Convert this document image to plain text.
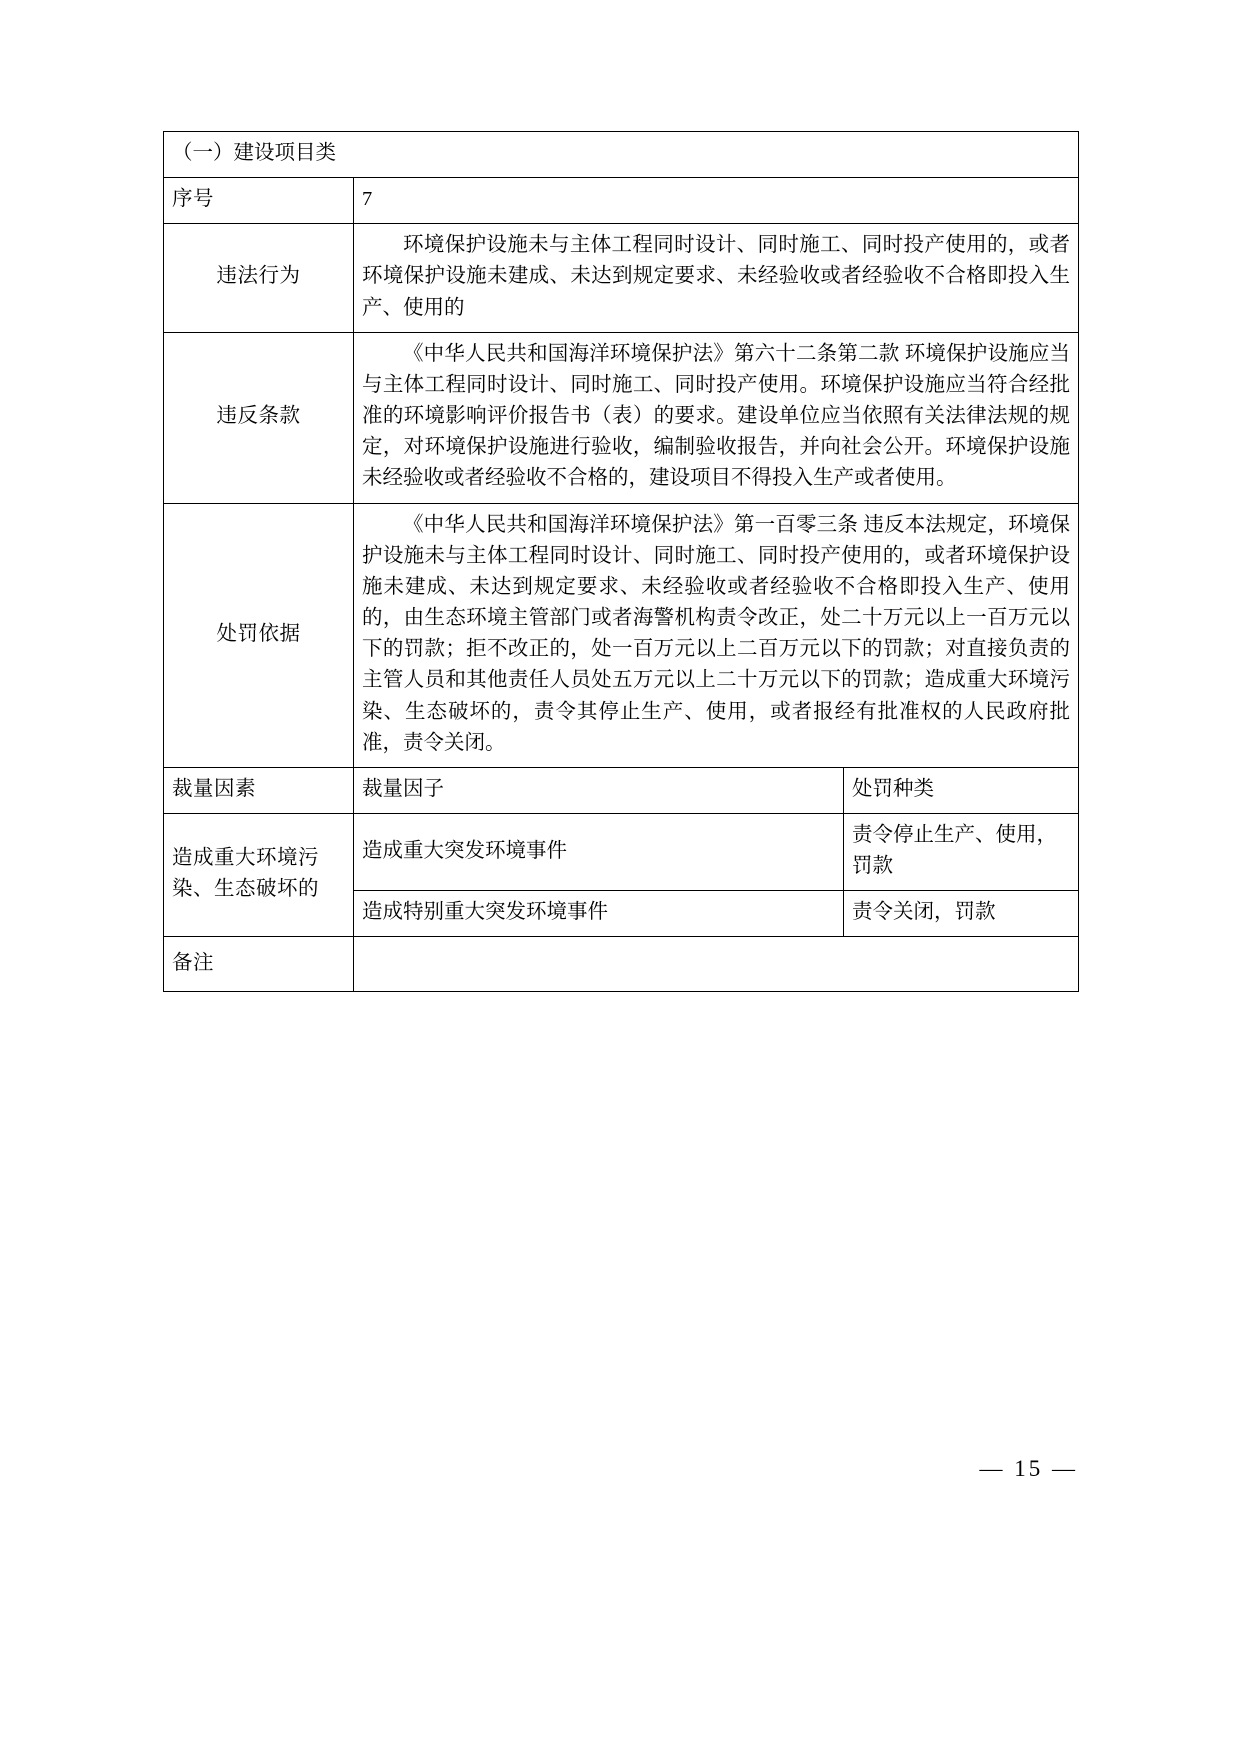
（一）建设项目类		
序号	7	
违法行为	环境保护设施未与主体工程同时设计、同时施工、同时投产使用的，或者环境保护设施未建成、未达到规定要求、未经验收或者经验收不合格即投入生产、使用的	

违反条款	《中华人民共和国海洋环境保护法》第六十二条第二款 环境保护设施应当与主体工程同时设计、同时施工、同时投产使用。环境保护设施应当符合经批准的环境影响评价报告书（表）的要求。建设单位应当依照有关法律法规的规定，对环境保护设施进行验收，编制验收报告，并向社会公开。环境保护设施未经验收或者经验收不合格的，建设项目不得投入生产或者使用。	

处罚依据	《中华人民共和国海洋环境保护法》第一百零三条 违反本法规定，环境保护设施未与主体工程同时设计、同时施工、同时投产使用的，或者环境保护设施未建成、未达到规定要求、未经验收或者经验收不合格即投入生产、使用的，由生态环境主管部门或者海警机构责令改正，处二十万元以上一百万元以下的罚款；拒不改正的，处一百万元以上二百万元以下的罚款；对直接负责的主管人员和其他责任人员处五万元以上二十万元以下的罚款；造成重大环境污染、生态破坏的，责令其停止生产、使用，或者报经有批准权的人民政府批准，责令关闭。	

裁量因素	裁量因子	处罚种类
造成重大环境污染、生态破坏的	造成重大突发环境事件	责令停止生产、使用，罚款
	造成特别重大突发环境事件	责令关闭，罚款
备注		
— 15 —
